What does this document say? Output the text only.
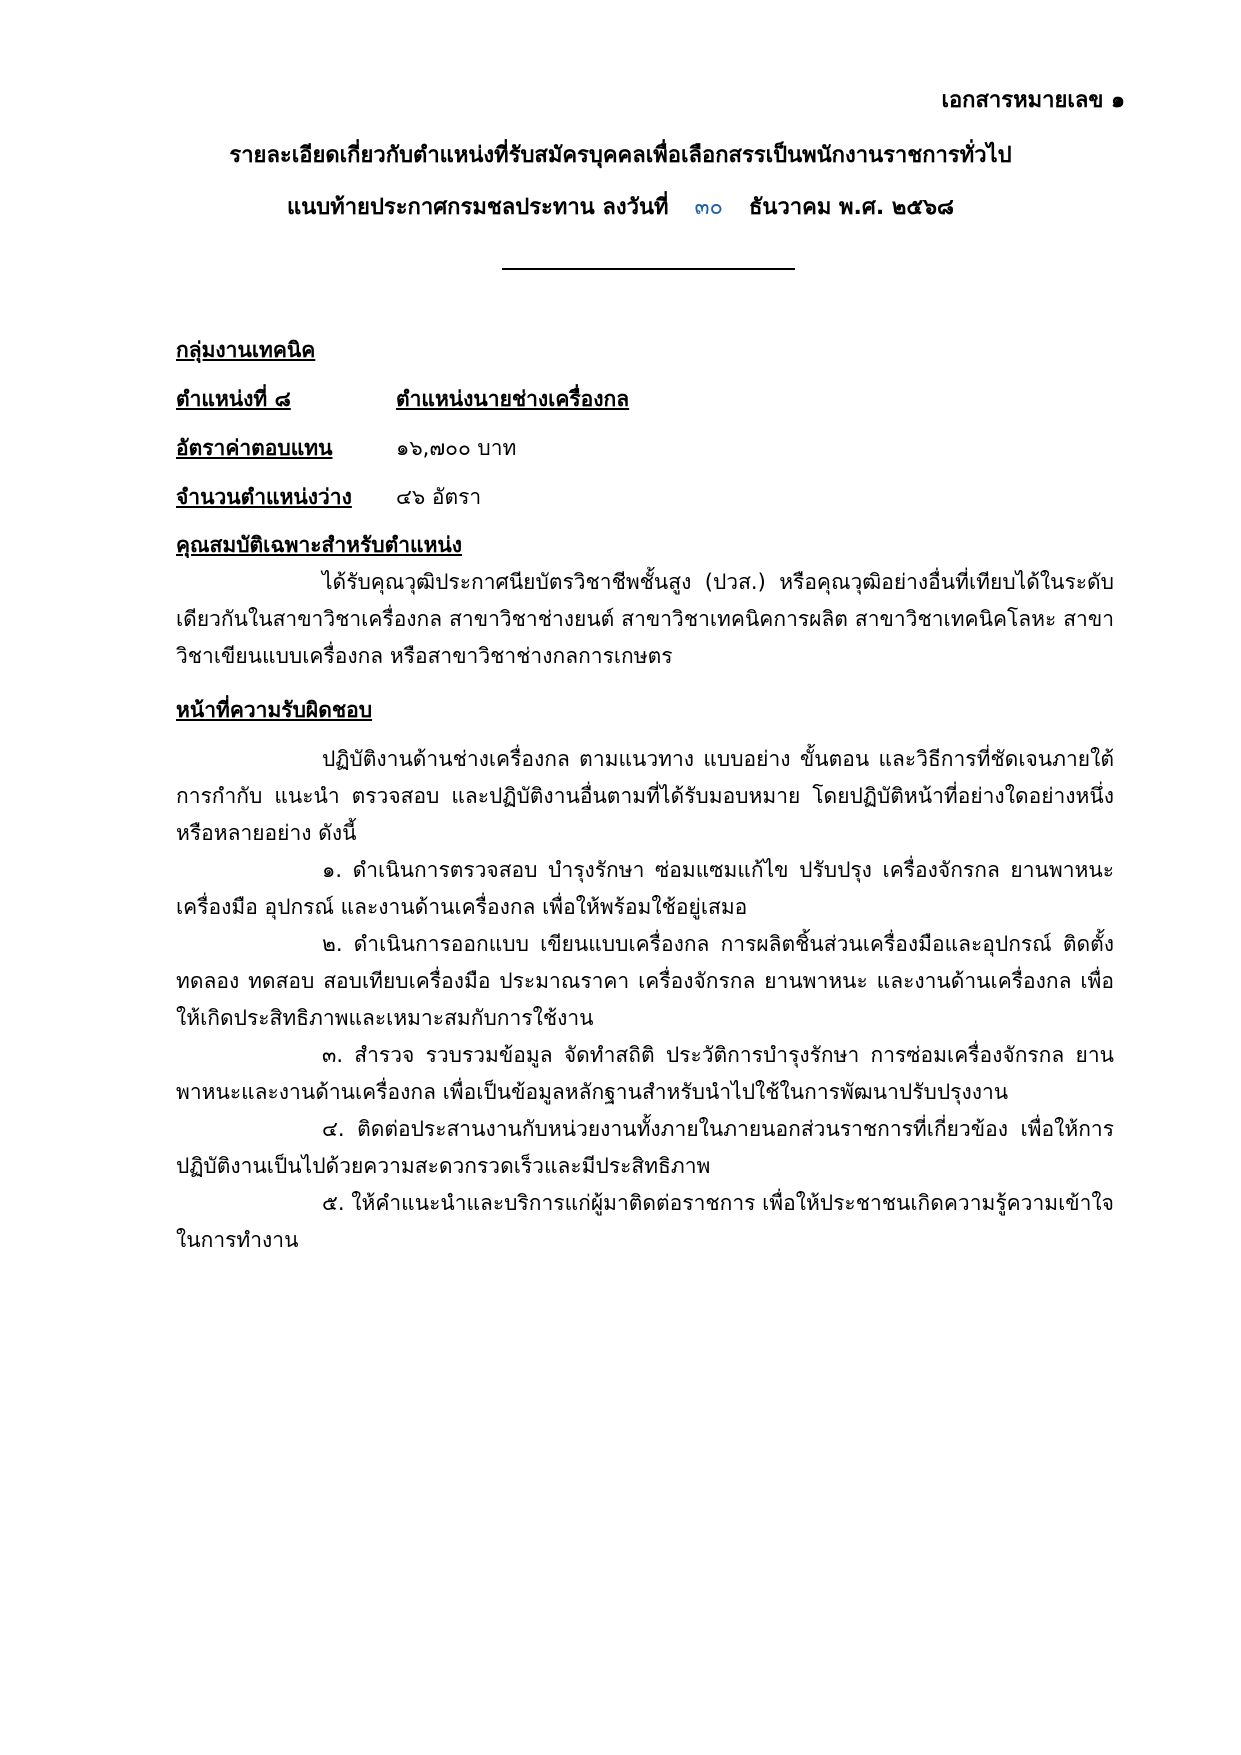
เอกสารหมายเลข ๑
รายละเอียดเกี่ยวกับตำแหน่งที่รับสมัครบุคคลเพื่อเลือกสรรเป็นพนักงานราชการทั่วไป
แนบท้ายประกาศกรมชลประทาน ลงวันที่ ๓๐ ธันวาคม พ.ศ. ๒๕๖๘
กลุ่มงานเทคนิค
ตำแหน่งที่ ๘	ตำแหน่งนายช่างเครื่องกล
อัตราค่าตอบแทน	๑๖,๗๐๐ บาท
จำนวนตำแหน่งว่าง	๔๖ อัตรา
คุณสมบัติเฉพาะสำหรับตำแหน่ง

ได้รับคุณวุฒิประกาศนียบัตรวิชาชีพชั้นสูง (ปวส.) หรือคุณวุฒิอย่างอื่นที่เทียบได้ในระดับเดียวกันในสาขาวิชาเครื่องกล สาขาวิชาช่างยนต์ สาขาวิชาเทคนิคการผลิต สาขาวิชาเทคนิคโลหะ สาขาวิชาเขียนแบบเครื่องกล หรือสาขาวิชาช่างกลการเกษตร

หน้าที่ความรับผิดชอบ

ปฏิบัติงานด้านช่างเครื่องกล ตามแนวทาง แบบอย่าง ขั้นตอน และวิธีการที่ชัดเจนภายใต้การกำกับ แนะนำ ตรวจสอบ และปฏิบัติงานอื่นตามที่ได้รับมอบหมาย โดยปฏิบัติหน้าที่อย่างใดอย่างหนึ่งหรือหลายอย่าง ดังนี้

๑. ดำเนินการตรวจสอบ บำรุงรักษา ซ่อมแซมแก้ไข ปรับปรุง เครื่องจักรกล ยานพาหนะ เครื่องมือ อุปกรณ์ และงานด้านเครื่องกล เพื่อให้พร้อมใช้อยู่เสมอ

๒. ดำเนินการออกแบบ เขียนแบบเครื่องกล การผลิตชิ้นส่วนเครื่องมือและอุปกรณ์ ติดตั้ง ทดลอง ทดสอบ สอบเทียบเครื่องมือ ประมาณราคา เครื่องจักรกล ยานพาหนะ และงานด้านเครื่องกล เพื่อให้เกิดประสิทธิภาพและเหมาะสมกับการใช้งาน

๓. สำรวจ รวบรวมข้อมูล จัดทำสถิติ ประวัติการบำรุงรักษา การซ่อมเครื่องจักรกล ยานพาหนะและงานด้านเครื่องกล เพื่อเป็นข้อมูลหลักฐานสำหรับนำไปใช้ในการพัฒนาปรับปรุงงาน

๔. ติดต่อประสานงานกับหน่วยงานทั้งภายในภายนอกส่วนราชการที่เกี่ยวข้อง เพื่อให้การปฏิบัติงานเป็นไปด้วยความสะดวกรวดเร็วและมีประสิทธิภาพ

๕. ให้คำแนะนำและบริการแก่ผู้มาติดต่อราชการ เพื่อให้ประชาชนเกิดความรู้ความเข้าใจในการทำงาน
